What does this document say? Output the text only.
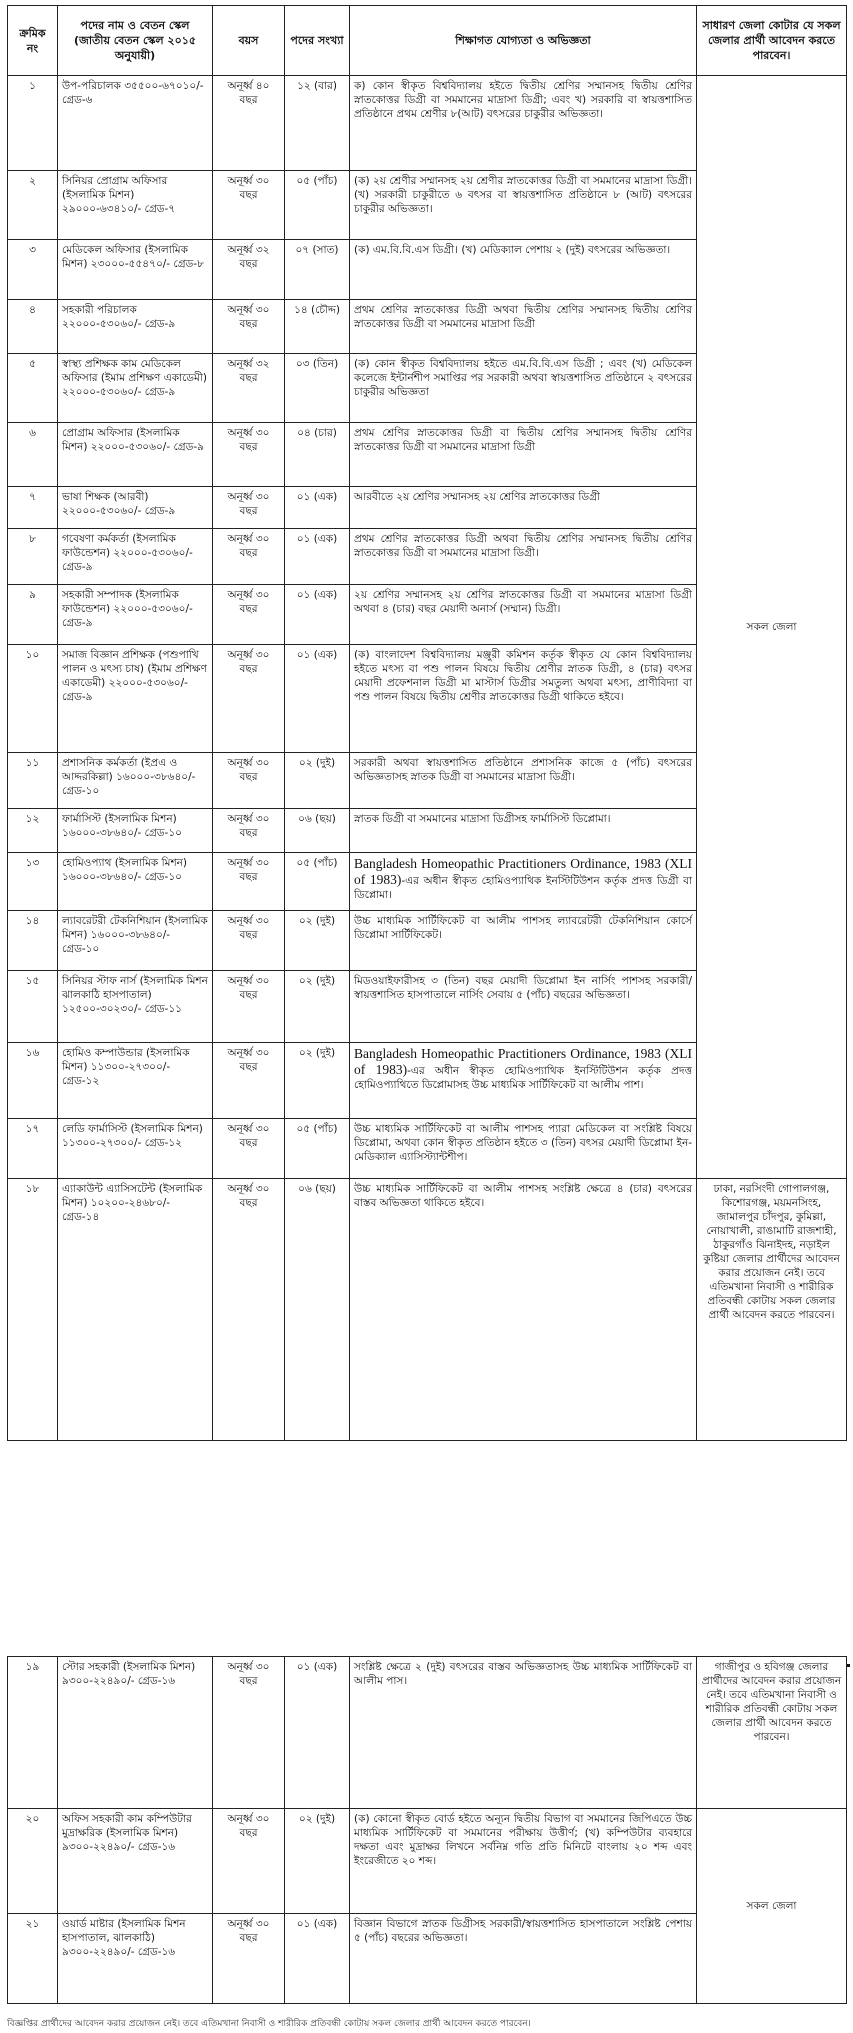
ক্রমিক নং	পদের নাম ও বেতন স্কেল (জাতীয় বেতন স্কেল ২০১৫ অনুযায়ী)	বয়স	পদের সংখ্যা	শিক্ষাগত যোগ্যতা ও অভিজ্ঞতা	সাধারণ জেলা কোটার যে সকল জেলার প্রার্থী আবেদন করতে পারবেন।
১	উপ-পরিচালক ৩৫৫০০-৬৭০১০/- গ্রেড-৬	অনূর্ধ্ব ৪০ বছর	১২ (বার)	ক) কোন স্বীকৃত বিশ্ববিদ্যালয় হইতে দ্বিতীয় শ্রেণির সম্মানসহ দ্বিতীয় শ্রেণির স্নাতকোত্তর ডিগ্রী বা সমমানের মাদ্রাসা ডিগ্রী; এবং খ) সরকারি বা স্বায়ত্তশাসিত প্রতিষ্ঠানে প্রথম শ্রেণীর ৮(আট) বৎসরের চাকুরীর অভিজ্ঞতা।	সকল জেলা
২	সিনিয়র প্রোগ্রাম অফিসার (ইসলামিক মিশন) ২৯০০০-৬৩৪১০/- গ্রেড-৭	অনূর্ধ্ব ৩০ বছর	০৫ (পাঁচ)	(ক) ২য় শ্রেণীর সম্মানসহ ২য় শ্রেণীর স্নাতকোত্তর ডিগ্রী বা সমমানের মাদ্রাসা ডিগ্রী। (খ) সরকারী চাকুরীতে ৬ বৎসর বা স্বায়ত্তশাসিত প্রতিষ্ঠানে ৮ (আট) বৎসরের চাকুরীর অভিজ্ঞতা।	
৩	মেডিকেল অফিসার (ইসলামিক মিশন) ২৩০০০-৫৫৪৭০/- গ্রেড-৮	অনূর্ধ্ব ৩২ বছর	০৭ (সাত)	(ক) এম.বি.বি.এস ডিগ্রী। (খ) মেডিক্যাল পেশায় ২ (দুই) বৎসরের অভিজ্ঞতা।	
৪	সহকারী পরিচালক ২২০০০-৫৩০৬০/- গ্রেড-৯	অনূর্ধ্ব ৩০ বছর	১৪ (চৌদ্দ)	প্রথম শ্রেণির স্নাতকোত্তর ডিগ্রী অথবা দ্বিতীয় শ্রেণির সম্মানসহ দ্বিতীয় শ্রেণির স্নাতকোত্তর ডিগ্রী বা সমমানের মাদ্রাসা ডিগ্রী	
৫	স্বাস্থ্য প্রশিক্ষক কাম মেডিকেল অফিসার (ইমাম প্রশিক্ষণ একাডেমী) ২২০০০-৫৩০৬০/- গ্রেড-৯	অনূর্ধ্ব ৩২ বছর	০৩ (তিন)	(ক) কোন স্বীকৃত বিশ্ববিদ্যালয় হইতে এম.বি.বি.এস ডিগ্রী ; এবং (খ) মেডিকেল কলেজে ইন্টার্নশীপ সমাপ্তির পর সরকারী অথবা স্বায়ত্তশাসিত প্রতিষ্ঠানে ২ বৎসরের চাকুরীর অভিজ্ঞতা	
৬	প্রোগ্রাম অফিসার (ইসলামিক মিশন) ২২০০০-৫৩০৬০/- গ্রেড-৯	অনূর্ধ্ব ৩০ বছর	০৪ (চার)	প্রথম শ্রেণির স্নাতকোত্তর ডিগ্রী বা দ্বিতীয় শ্রেণির সম্মানসহ দ্বিতীয় শ্রেণির স্নাতকোত্তর ডিগ্রী বা সমমানের মাদ্রাসা ডিগ্রী	
৭	ভাষা শিক্ষক (আরবী) ২২০০০-৫৩০৬০/- গ্রেড-৯	অনূর্ধ্ব ৩০ বছর	০১ (এক)	আরবীতে ২য় শ্রেণির সম্মানসহ ২য় শ্রেণির স্নাতকোত্তর ডিগ্রী	
৮	গবেষণা কর্মকর্তা (ইসলামিক ফাউন্ডেশন) ২২০০০-৫৩০৬০/- গ্রেড-৯	অনূর্ধ্ব ৩০ বছর	০১ (এক)	প্রথম শ্রেণির স্নাতকোত্তর ডিগ্রী অথবা দ্বিতীয় শ্রেণির সম্মানসহ দ্বিতীয় শ্রেণির স্নাতকোত্তর ডিগ্রী বা সমমানের মাদ্রাসা ডিগ্রী।	
৯	সহকারী সম্পাদক (ইসলামিক ফাউন্ডেশন) ২২০০০-৫৩০৬০/- গ্রেড-৯	অনূর্ধ্ব ৩০ বছর	০১ (এক)	২য় শ্রেণির সম্মানসহ ২য় শ্রেণির স্নাতকোত্তর ডিগ্রী বা সমমানের মাদ্রাসা ডিগ্রী অথবা ৪ (চার) বছর মেয়াদী অনার্স (সম্মান) ডিগ্রী।	
১০	সমাজ বিজ্ঞান প্রশিক্ষক (পশুপাখি পালন ও মৎস্য চাষ) (ইমাম প্রশিক্ষণ একাডেমী) ২২০০০-৫৩০৬০/- গ্রেড-৯	অনূর্ধ্ব ৩০ বছর	০১ (এক)	(ক) বাংলাদেশ বিশ্ববিদ্যালয় মঞ্জুরী কমিশন কর্তৃক স্বীকৃত যে কোন বিশ্ববিদ্যালয় হইতে মৎস্য বা পশু পালন বিষয়ে দ্বিতীয় শ্রেণীর স্নাতক ডিগ্রী, ৪ (চার) বৎসর মেয়াদী প্রফেশনাল ডিগ্রী মা মাস্টার্স ডিগ্রীর সমতুল্য অথবা মৎস্য, প্রাণীবিদ্যা বা পশু পালন বিষয়ে দ্বিতীয় শ্রেণীর স্নাতকোত্তর ডিগ্রী থাকিতে হইবে।	
১১	প্রশাসনিক কর্মকর্তা (ইপ্রএ ও আদ্দরকিল্লা) ১৬০০০-৩৮৬৪০/- গ্রেড-১০	অনূর্ধ্ব ৩০ বছর	০২ (দুই)	সরকারী অথবা স্বায়ত্তশাসিত প্রতিষ্ঠানে প্রশাসনিক কাজে ৫ (পাঁচ) বৎসরের অভিজ্ঞতাসহ স্নাতক ডিগ্রী বা সমমানের মাদ্রাসা ডিগ্রী।	
১২	ফার্মাসিস্ট (ইসলামিক মিশন) ১৬০০০-৩৮৬৪০/- গ্রেড-১০	অনূর্ধ্ব ৩০ বছর	০৬ (ছয়)	স্নাতক ডিগ্রী বা সমমানের মাদ্রাসা ডিগ্রীসহ ফার্মাসিস্ট ডিপ্লোমা।	
১৩	হোমিওপ্যাথ (ইসলামিক মিশন) ১৬০০০-৩৮৬৪০/- গ্রেড-১০	অনূর্ধ্ব ৩০ বছর	০৫ (পাঁচ)	Bangladesh Homeopathic Practitioners Ordinance, 1983 (XLI of 1983)-এর অধীন স্বীকৃত হোমিওপ্যাথিক ইনস্টিটিউশন কর্তৃক প্রদত্ত ডিগ্রী বা ডিপ্লোমা।	
১৪	ল্যাবরেটরী টেকনিশিয়ান (ইসলামিক মিশন) ১৬০০০-৩৮৬৪০/- গ্রেড-১০	অনূর্ধ্ব ৩০ বছর	০২ (দুই)	উচ্চ মাধ্যমিক সার্টিফিকেট বা আলীম পাশসহ ল্যাবরেটরী টেকনিশিয়ান কোর্সে ডিপ্লোমা সার্টিফিকেট।	
১৫	সিনিয়র স্টাফ নার্স (ইসলামিক মিশন ঝালকাঠি হাসপাতাল) ১২৫০০-৩০২৩০/- গ্রেড-১১	অনূর্ধ্ব ৩০ বছর	০২ (দুই)	মিডওয়াইফারীসহ ৩ (তিন) বছর মেয়াদী ডিপ্লোমা ইন নার্সিং পাশসহ সরকারী/স্বায়ত্তশাসিত হাসপাতালে নার্সিং সেবায় ৫ (পাঁচ) বছরের অভিজ্ঞতা।	
১৬	হোমিও কম্পাউন্ডার (ইসলামিক মিশন) ১১৩০০-২৭৩০০/- গ্রেড-১২	অনূর্ধ্ব ৩০ বছর	০২ (দুই)	Bangladesh Homeopathic Practitioners Ordinance, 1983 (XLI of 1983)-এর অধীন স্বীকৃত হোমিওপ্যাথিক ইনস্টিটিউশন কর্তৃক প্রদত্ত হোমিওপ্যাথিতে ডিপ্লোমাসহ উচ্চ মাধ্যমিক সার্টিফিকেট বা আলীম পাশ।	
১৭	লেডি ফার্মাসিস্ট (ইসলামিক মিশন) ১১৩০০-২৭৩০০/- গ্রেড-১২	অনূর্ধ্ব ৩০ বছর	০৫ (পাঁচ)	উচ্চ মাধ্যমিক সার্টিফিকেট বা আলীম পাশসহ প্যারা মেডিকেল বা সংশ্লিষ্ট বিষয়ে ডিপ্লোমা, অথবা কোন স্বীকৃত প্রতিষ্ঠান হইতে ৩ (তিন) বৎসর মেয়াদী ডিপ্লোমা ইন-মেডিক্যাল এ্যাসিস্ট্যান্টশীপ।	
১৮	এ্যাকাউন্ট এ্যাসিসটেন্ট (ইসলামিক মিশন) ১০২০০-২৪৬৮০/- গ্রেড-১৪	অনূর্ধ্ব ৩০ বছর	০৬ (ছয়)	উচ্চ মাধ্যমিক সার্টিফিকেট বা আলীম পাশসহ সংশ্লিষ্ট ক্ষেত্রে ৪ (চার) বৎসরের বাস্তব অভিজ্ঞতা থাকিতে হইবে।	ঢাকা, নরসিংদী গোপালগঞ্জ, কিশোরগঞ্জ, ময়মনসিংহ, জামালপুর চাঁদপুর, কুমিল্লা, নোয়াখালী, রাঙামাটি রাজশাহী, ঠাকুরগাঁও ঝিনাইদহ, নড়াইল কুষ্টিয়া জেলার প্রার্থীদের আবেদন করার প্রয়োজন নেই। তবে এতিমখানা নিবাসী ও শারীরিক প্রতিবন্ধী কোটায় সকল জেলার প্রার্থী আবেদন করতে পারবেন।
১৯	স্টোর সহকারী (ইসলামিক মিশন) ৯৩০০-২২৪৯০/- গ্রেড-১৬	অনূর্ধ্ব ৩০ বছর	০১ (এক)	সংশ্লিষ্ট ক্ষেত্রে ২ (দুই) বৎসরের বাস্তব অভিজ্ঞতাসহ উচ্চ মাধ্যমিক সার্টিফিকেট বা আলীম পাস।	গাজীপুর ও হবিগঞ্জ জেলার প্রার্থীদের আবেদন করার প্রয়োজন নেই। তবে এতিমখানা নিবাসী ও শারীরিক প্রতিবন্ধী কোটায় সকল জেলার প্রার্থী আবেদন করতে পারবেন।
২০	অফিস সহকারী কাম কম্পিউটার মুদ্রাক্ষরিক (ইসলামিক মিশন) ৯৩০০-২২৪৯০/- গ্রেড-১৬	অনূর্ধ্ব ৩০ বছর	০২ (দুই)	(ক) কোনো স্বীকৃত বোর্ড হইতে অন্যূন দ্বিতীয় বিভাগ বা সমমানের জিপিএতে উচ্চ মাধ্যমিক সার্টিফিকেট বা সমমানের পরীক্ষায় উত্তীর্ণ; (খ) কম্পিউটার ব্যবহারে দক্ষতা এবং মুদ্রাক্ষর লিখনে সর্বনিম্ন গতি প্রতি মিনিটে বাংলায় ২০ শব্দ এবং ইংরেজীতে ২০ শব্দ।	সকল জেলা
২১	ওয়ার্ড মাষ্টার (ইসলামিক মিশন হাসপাতাল, ঝালকাঠি) ৯৩০০-২২৪৯০/- গ্রেড-১৬	অনূর্ধ্ব ৩০ বছর	০১ (এক)	বিজ্ঞান বিভাগে স্নাতক ডিগ্রীসহ সরকারী/স্বায়ত্তশাসিত হাসপাতালে সংশ্লিষ্ট পেশায় ৫ (পাঁচ) বছরের অভিজ্ঞতা।	
বিজ্ঞপ্তির প্রার্থীদের আবেদন করার প্রয়োজন নেই। তবে এতিমখানা নিবাসী ও শারীরিক প্রতিবন্ধী কোটায় সকল জেলার প্রার্থী আবেদন করতে পারবেন।
